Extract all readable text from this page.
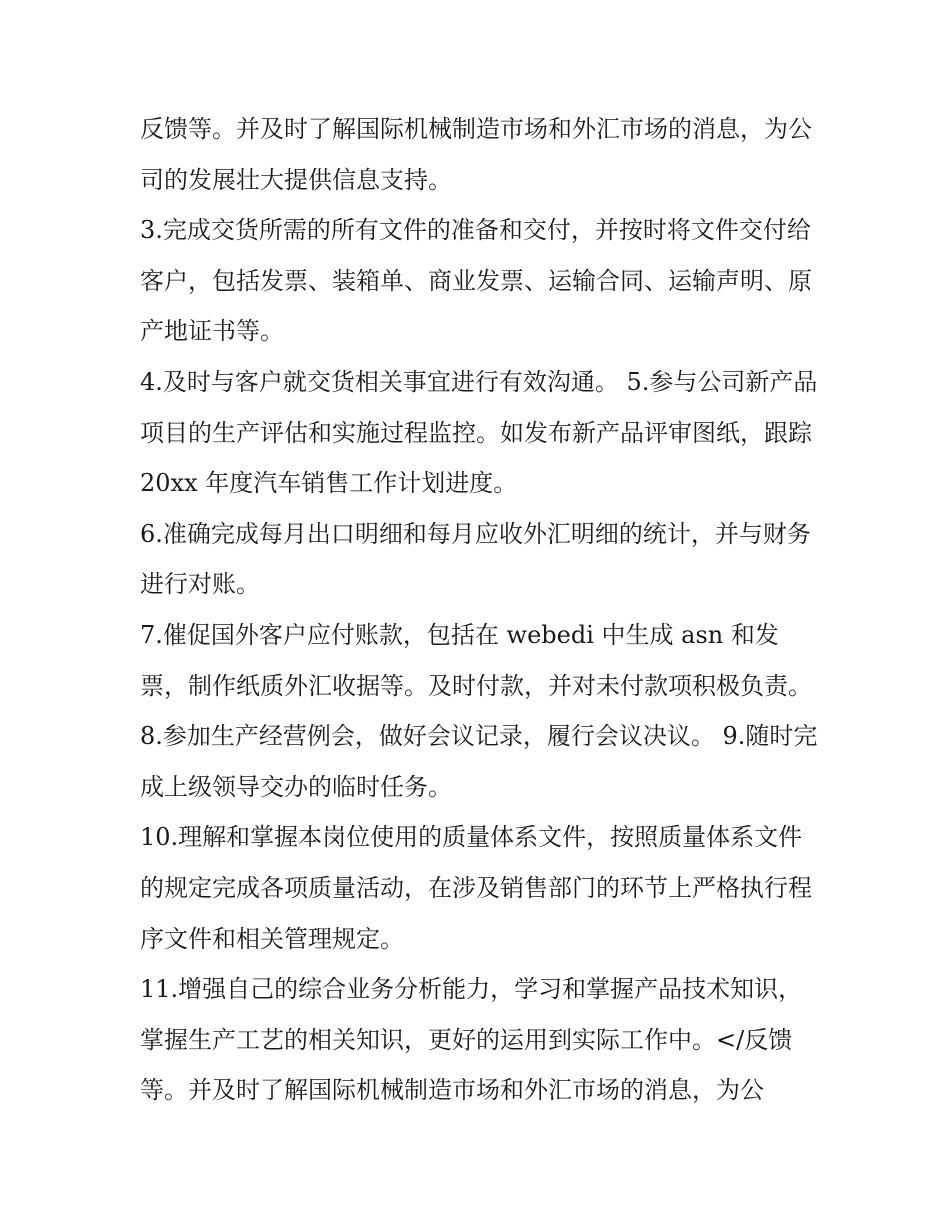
反馈等。并及时了解国际机械制造市场和外汇市场的消息，为公司的发展壮大提供信息支持。

3.完成交货所需的所有文件的准备和交付，并按时将文件交付给客户，包括发票、装箱单、商业发票、运输合同、运输声明、原产地证书等。

4.及时与客户就交货相关事宜进行有效沟通。 5.参与公司新产品项目的生产评估和实施过程监控。如发布新产品评审图纸，跟踪 20xx 年度汽车销售工作计划进度。

6.准确完成每月出口明细和每月应收外汇明细的统计，并与财务进行对账。

7.催促国外客户应付账款，包括在 webedi 中生成 asn 和发票，制作纸质外汇收据等。及时付款，并对未付款项积极负责。

8.参加生产经营例会，做好会议记录，履行会议决议。 9.随时完成上级领导交办的临时任务。

10.理解和掌握本岗位使用的质量体系文件，按照质量体系文件的规定完成各项质量活动，在涉及销售部门的环节上严格执行程序文件和相关管理规定。

11.增强自己的综合业务分析能力，学习和掌握产品技术知识，掌握生产工艺的相关知识，更好的运用到实际工作中。</反馈等。并及时了解国际机械制造市场和外汇市场的消息，为公
